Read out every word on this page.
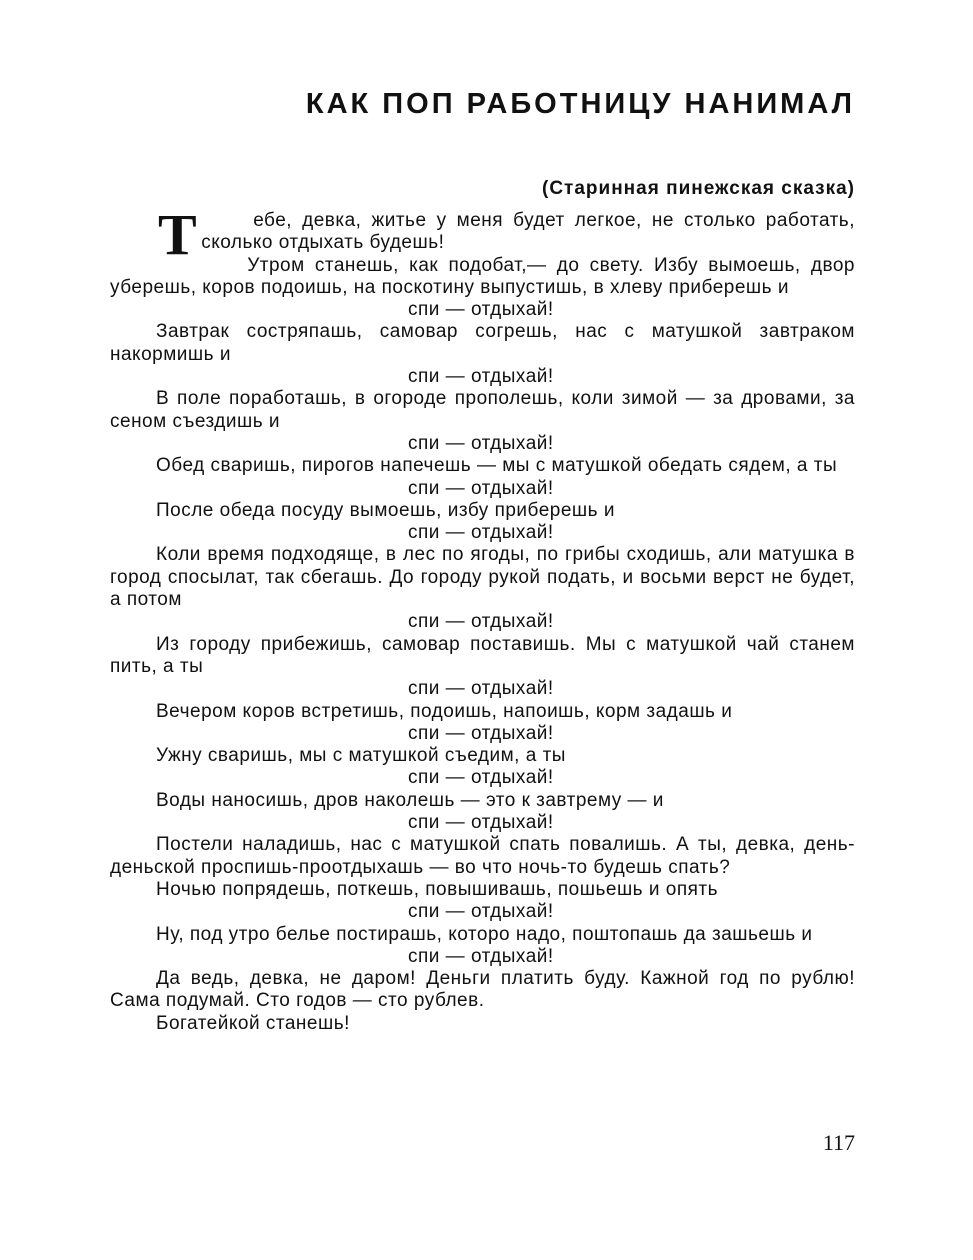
КАК ПОП РАБОТНИЦУ НАНИМАЛ
(Старинная пинежская сказка)

Т	ебе, девка, житье у меня будет легкое, не столько работать, сколько отдыхать будешь!

Утром станешь, как подобат,— до свету. Избу вымоешь, двор уберешь, коров подоишь, на поскотину выпустишь, в хлеву приберешь и
спи — отдыхай!

Завтрак состряпашь, самовар согрешь, нас с матушкой завтраком накормишь и
спи — отдыхай!

В поле поработашь, в огороде прополешь, коли зимой — за дровами, за сеном съездишь и
спи — отдыхай!

Обед сваришь, пирогов напечешь — мы с матушкой обедать сядем, а ты
спи — отдыхай!

После обеда посуду вымоешь, избу приберешь и
спи — отдыхай!

Коли время подходяще, в лес по ягоды, по грибы сходишь, али матушка в город спосылат, так сбегашь. До городу рукой подать, и восьми верст не будет, а потом
спи — отдыхай!

Из городу прибежишь, самовар поставишь. Мы с матушкой чай станем пить, а ты
спи — отдыхай!

Вечером коров встретишь, подоишь, напоишь, корм задашь и
спи — отдыхай!

Ужну сваришь, мы с матушкой съедим, а ты
спи — отдыхай!

Воды наносишь, дров наколешь — это к завтрему — и
спи — отдыхай!

Постели наладишь, нас с матушкой спать повалишь. А ты, девка, день-деньской проспишь-проотдыхашь — во что ночь-то будешь спать?

Ночью попрядешь, поткешь, повышивашь, пошьешь и опять
спи — отдыхай!

Ну, под утро белье постирашь, которо надо, поштопашь да зашьешь и
спи — отдыхай!

Да ведь, девка, не даром! Деньги платить буду. Кажной год по рублю! Сама подумай. Сто годов — сто рублев.

Богатейкой станешь!

117
